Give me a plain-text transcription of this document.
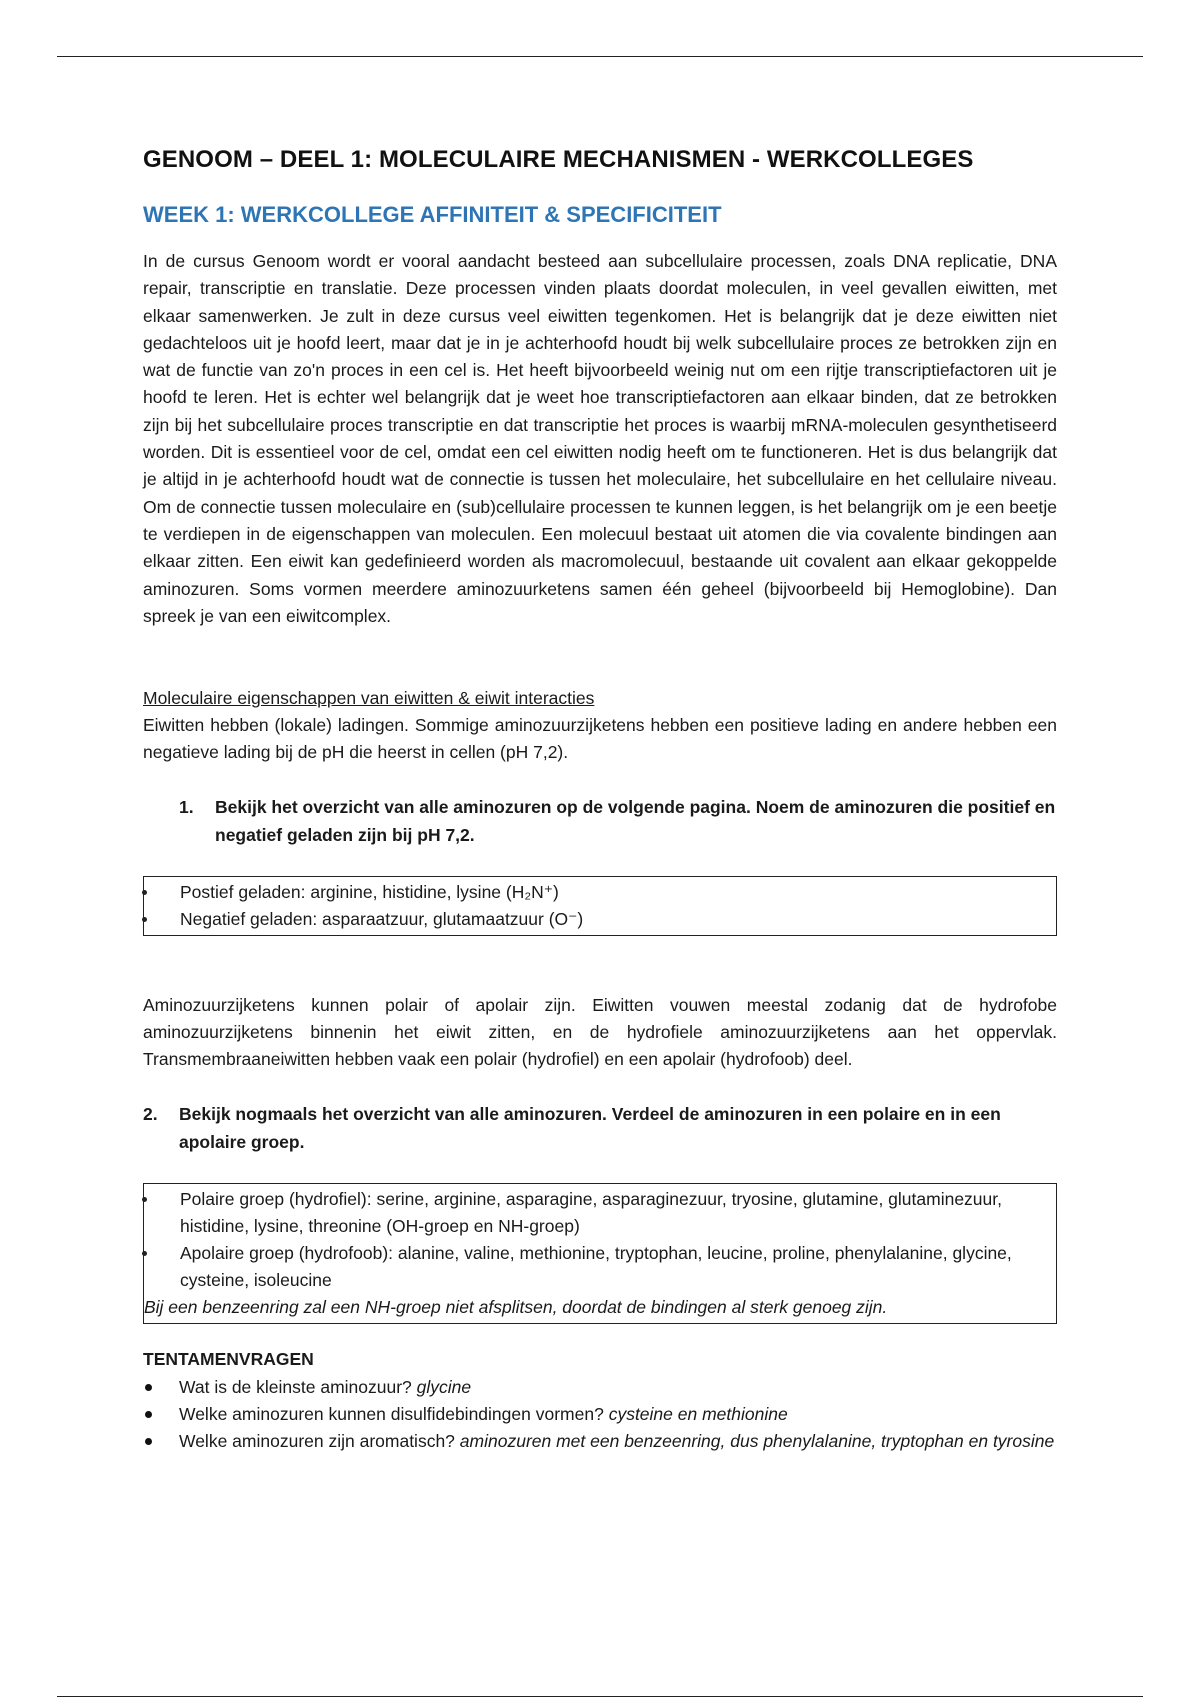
GENOOM – DEEL 1: MOLECULAIRE MECHANISMEN - WERKCOLLEGES
WEEK 1: WERKCOLLEGE AFFINITEIT & SPECIFICITEIT

In de cursus Genoom wordt er vooral aandacht besteed aan subcellulaire processen, zoals DNA replicatie, DNA repair, transcriptie en translatie. Deze processen vinden plaats doordat moleculen, in veel gevallen eiwitten, met elkaar samenwerken. Je zult in deze cursus veel eiwitten tegenkomen. Het is belangrijk dat je deze eiwitten niet gedachteloos uit je hoofd leert, maar dat je in je achterhoofd houdt bij welk subcellulaire proces ze betrokken zijn en wat de functie van zo'n proces in een cel is. Het heeft bijvoorbeeld weinig nut om een rijtje transcriptiefactoren uit je hoofd te leren. Het is echter wel belangrijk dat je weet hoe transcriptiefactoren aan elkaar binden, dat ze betrokken zijn bij het subcellulaire proces transcriptie en dat transcriptie het proces is waarbij mRNA-moleculen gesynthetiseerd worden. Dit is essentieel voor de cel, omdat een cel eiwitten nodig heeft om te functioneren. Het is dus belangrijk dat je altijd in je achterhoofd houdt wat de connectie is tussen het moleculaire, het subcellulaire en het cellulaire niveau. Om de connectie tussen moleculaire en (sub)cellulaire processen te kunnen leggen, is het belangrijk om je een beetje te verdiepen in de eigenschappen van moleculen. Een molecuul bestaat uit atomen die via covalente bindingen aan elkaar zitten. Een eiwit kan gedefinieerd worden als macromolecuul, bestaande uit covalent aan elkaar gekoppelde aminozuren. Soms vormen meerdere aminozuurketens samen één geheel (bijvoorbeeld bij Hemoglobine). Dan spreek je van een eiwitcomplex.

Moleculaire eigenschappen van eiwitten & eiwit interacties

Eiwitten hebben (lokale) ladingen. Sommige aminozuurzijketens hebben een positieve lading en andere hebben een negatieve lading bij de pH die heerst in cellen (pH 7,2).

1.	Bekijk het overzicht van alle aminozuren op de volgende pagina. Noem de aminozuren die positief en negatief geladen zijn bij pH 7,2.
Postief geladen: arginine, histidine, lysine (H₂N⁺)
Negatief geladen: asparaatzuur, glutamaatzuur (O⁻)

Aminozuurzijketens kunnen polair of apolair zijn. Eiwitten vouwen meestal zodanig dat de hydrofobe aminozuurzijketens binnenin het eiwit zitten, en de hydrofiele aminozuurzijketens aan het oppervlak. Transmembraaneiwitten hebben vaak een polair (hydrofiel) en een apolair (hydrofoob) deel.

2.	Bekijk nogmaals het overzicht van alle aminozuren. Verdeel de aminozuren in een polaire en in een apolaire groep.
Polaire groep (hydrofiel): serine, arginine, asparagine, asparaginezuur, tryosine, glutamine, glutaminezuur, histidine, lysine, threonine (OH-groep en NH-groep)
Apolaire groep (hydrofoob): alanine, valine, methionine, tryptophan, leucine, proline, phenylalanine, glycine, cysteine, isoleucine
Bij een benzeenring zal een NH-groep niet afsplitsen, doordat de bindingen al sterk genoeg zijn.

TENTAMENVRAGEN

Wat is de kleinste aminozuur? glycine
Welke aminozuren kunnen disulfidebindingen vormen? cysteine en methionine
Welke aminozuren zijn aromatisch? aminozuren met een benzeenring, dus phenylalanine, tryptophan en tyrosine
